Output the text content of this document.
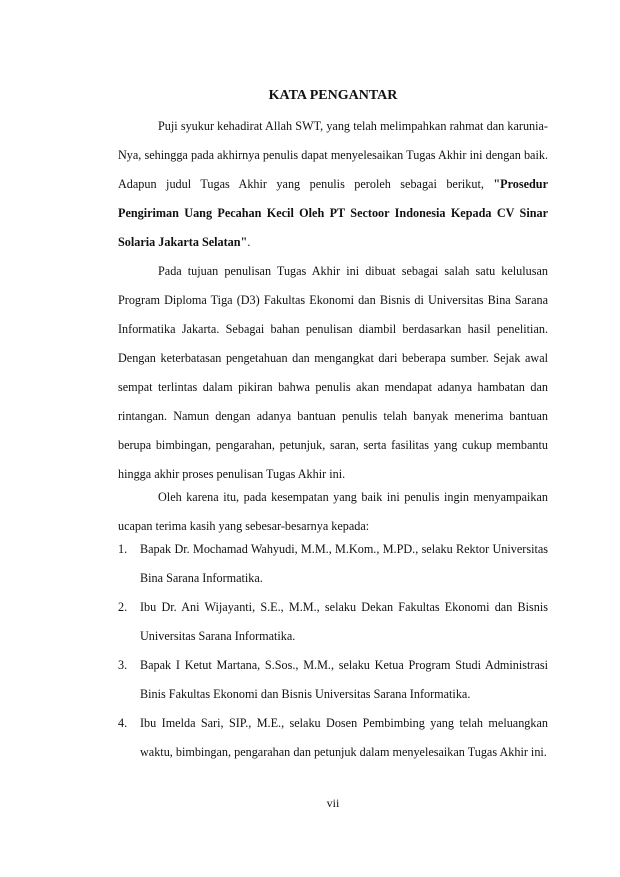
KATA PENGANTAR

Puji syukur kehadirat Allah SWT, yang telah melimpahkan rahmat dan karunia-Nya, sehingga pada akhirnya penulis dapat menyelesaikan Tugas Akhir ini dengan baik. Adapun judul Tugas Akhir yang penulis peroleh sebagai berikut, "Prosedur Pengiriman Uang Pecahan Kecil Oleh PT Sectoor Indonesia Kepada CV Sinar Solaria Jakarta Selatan".

Pada tujuan penulisan Tugas Akhir ini dibuat sebagai salah satu kelulusan Program Diploma Tiga (D3) Fakultas Ekonomi dan Bisnis di Universitas Bina Sarana Informatika Jakarta. Sebagai bahan penulisan diambil berdasarkan hasil penelitian. Dengan keterbatasan pengetahuan dan mengangkat dari beberapa sumber. Sejak awal sempat terlintas dalam pikiran bahwa penulis akan mendapat adanya hambatan dan rintangan. Namun dengan adanya bantuan penulis telah banyak menerima bantuan berupa bimbingan, pengarahan, petunjuk, saran, serta fasilitas yang cukup membantu hingga akhir proses penulisan Tugas Akhir ini.

Oleh karena itu, pada kesempatan yang baik ini penulis ingin menyampaikan ucapan terima kasih yang sebesar-besarnya kepada:

1. Bapak Dr. Mochamad Wahyudi, M.M., M.Kom., M.PD., selaku Rektor Universitas Bina Sarana Informatika.
2. Ibu Dr. Ani Wijayanti, S.E., M.M., selaku Dekan Fakultas Ekonomi dan Bisnis Universitas Sarana Informatika.
3. Bapak I Ketut Martana, S.Sos., M.M., selaku Ketua Program Studi Administrasi Binis Fakultas Ekonomi dan Bisnis Universitas Sarana Informatika.
4. Ibu Imelda Sari, SIP., M.E., selaku Dosen Pembimbing yang telah meluangkan waktu, bimbingan, pengarahan dan petunjuk dalam menyelesaikan Tugas Akhir ini.
vii
